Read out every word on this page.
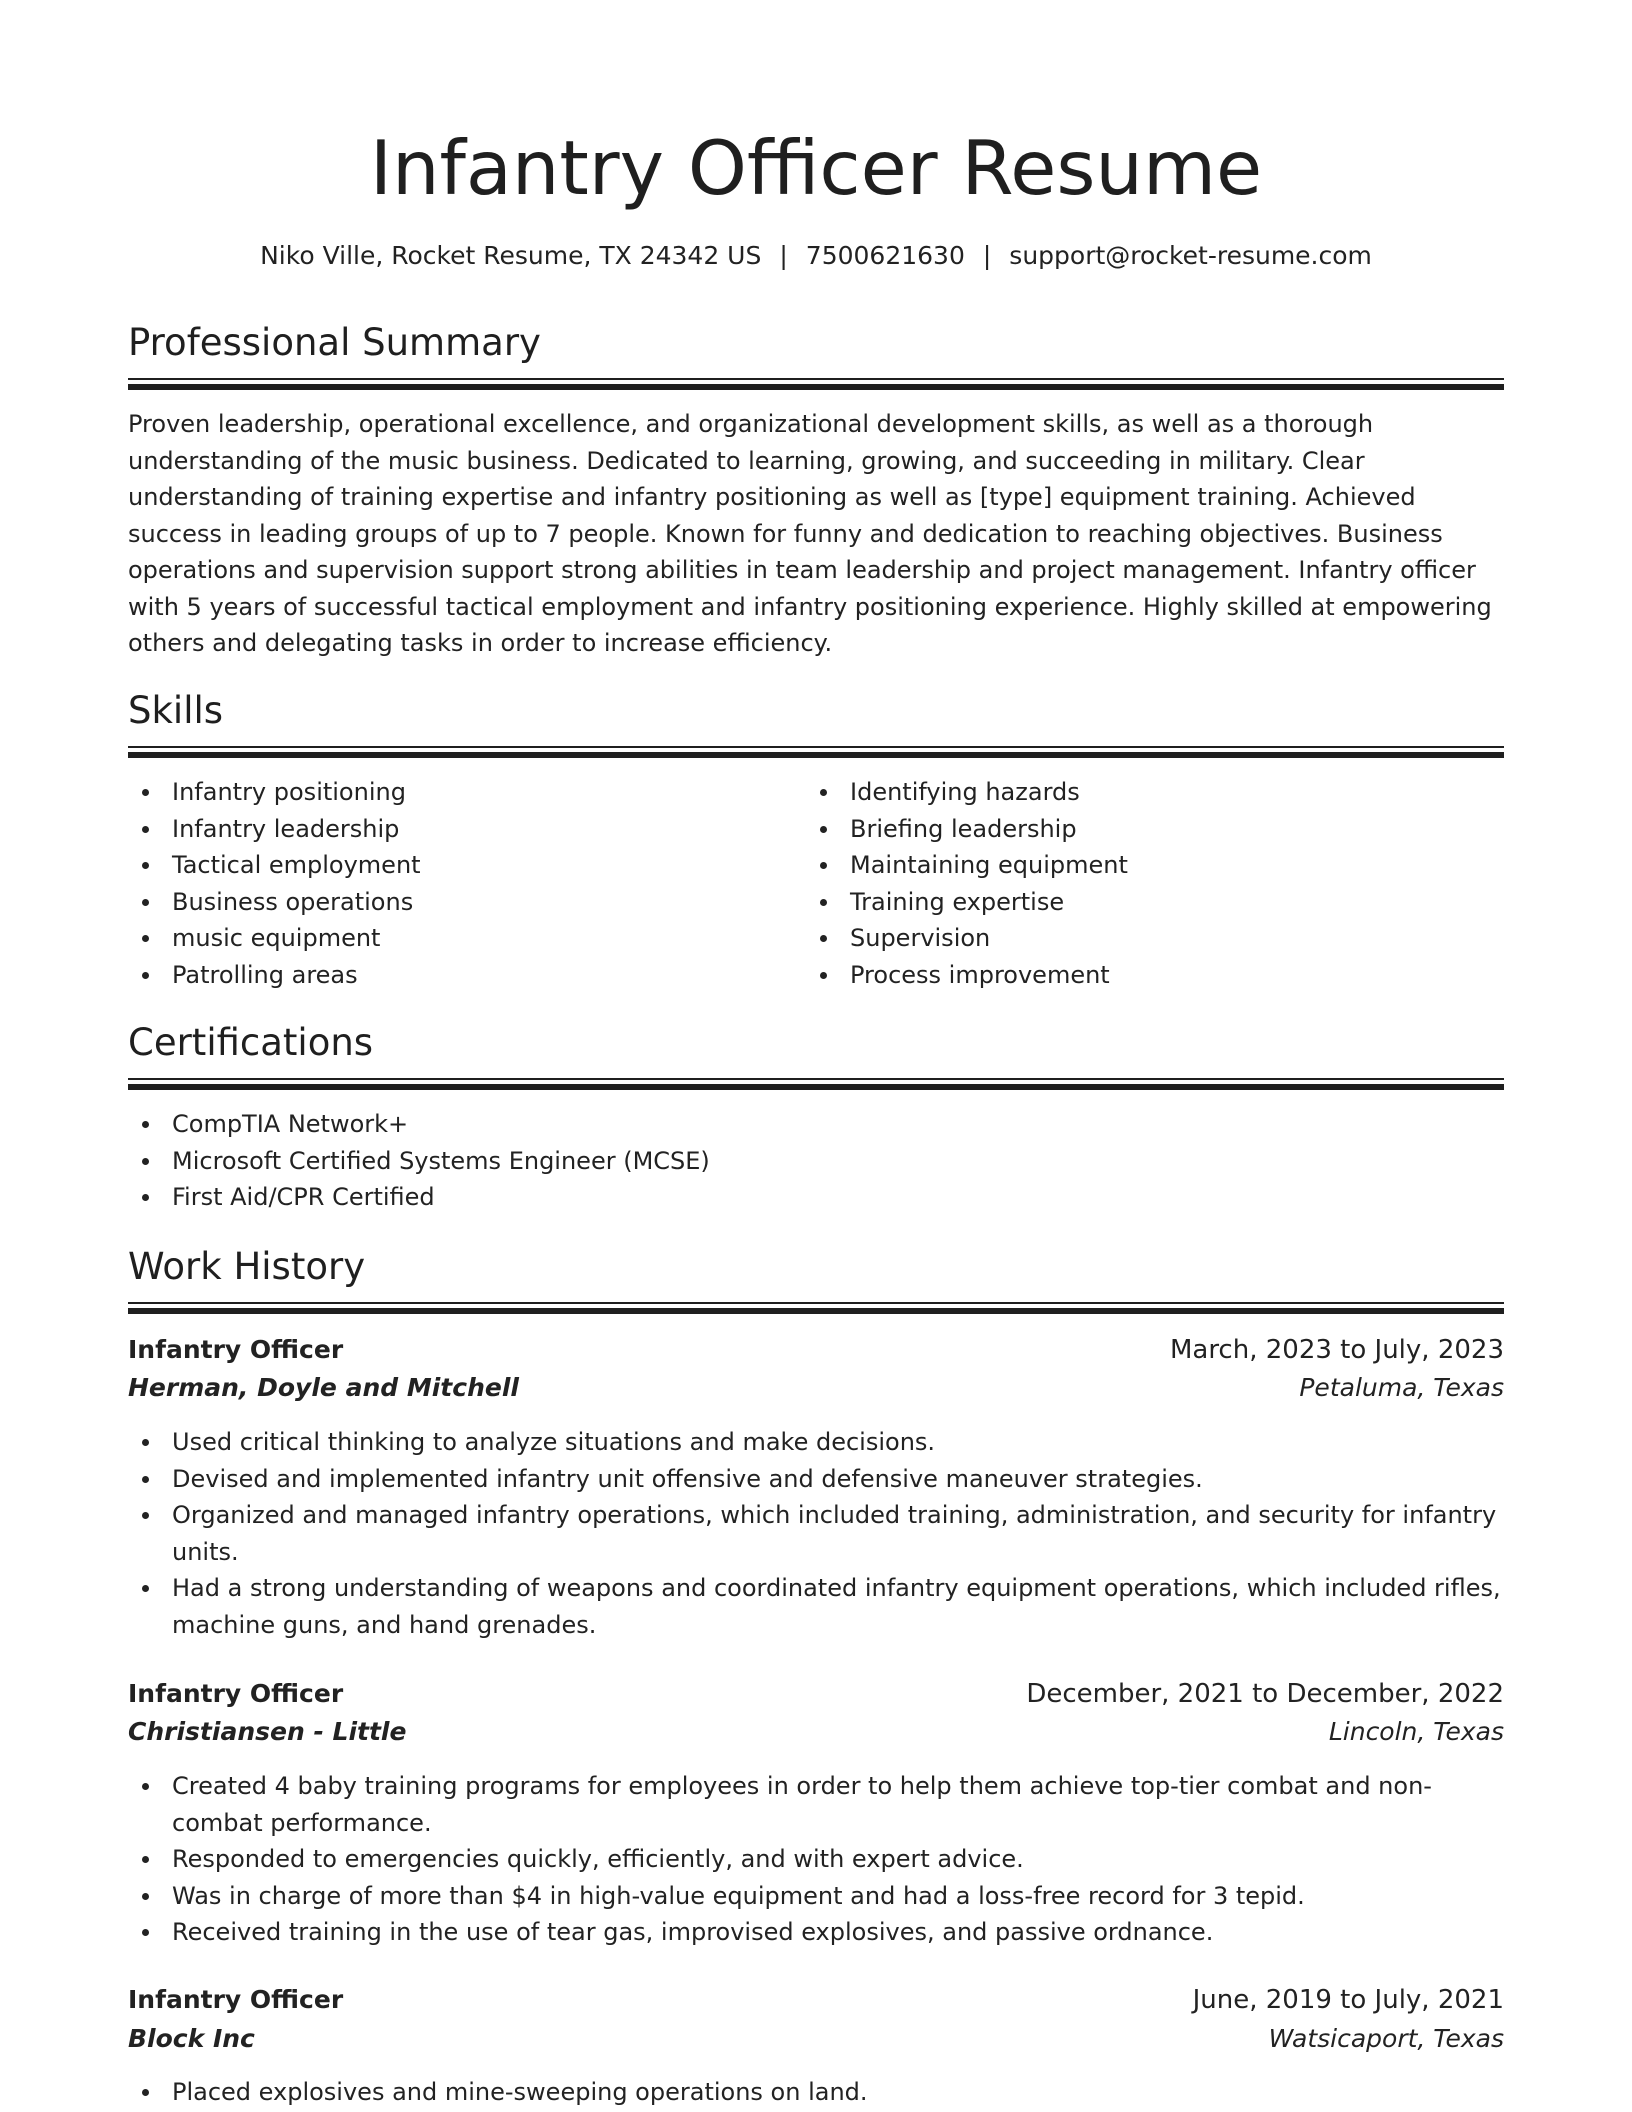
Infantry Officer Resume
Niko Ville, Rocket Resume, TX 24342 US | 7500621630 | support@rocket-resume.com
Professional Summary

Proven leadership, operational excellence, and organizational development skills, as well as a thorough understanding of the music business. Dedicated to learning, growing, and succeeding in military. Clear understanding of training expertise and infantry positioning as well as [type] equipment training. Achieved success in leading groups of up to 7 people. Known for funny and dedication to reaching objectives. Business operations and supervision support strong abilities in team leadership and project management. Infantry officer with 5 years of successful tactical employment and infantry positioning experience. Highly skilled at empowering others and delegating tasks in order to increase efficiency.

Skills
Infantry positioning
Infantry leadership
Tactical employment
Business operations
music equipment
Patrolling areas
Identifying hazards
Briefing leadership
Maintaining equipment
Training expertise
Supervision
Process improvement
Certifications
CompTIA Network+
Microsoft Certified Systems Engineer (MCSE)
First Aid/CPR Certified
Work History
Infantry Officer	March, 2023 to July, 2023
Herman, Doyle and Mitchell	Petaluma, Texas
Used critical thinking to analyze situations and make decisions.
Devised and implemented infantry unit offensive and defensive maneuver strategies.
Organized and managed infantry operations, which included training, administration, and security for infantry units.
Had a strong understanding of weapons and coordinated infantry equipment operations, which included rifles, machine guns, and hand grenades.
Infantry Officer	December, 2021 to December, 2022
Christiansen - Little	Lincoln, Texas
Created 4 baby training programs for employees in order to help them achieve top-tier combat and non-combat performance.
Responded to emergencies quickly, efficiently, and with expert advice.
Was in charge of more than $4 in high-value equipment and had a loss-free record for 3 tepid.
Received training in the use of tear gas, improvised explosives, and passive ordnance.
Infantry Officer	June, 2019 to July, 2021
Block Inc	Watsicaport, Texas
Placed explosives and mine-sweeping operations on land.
